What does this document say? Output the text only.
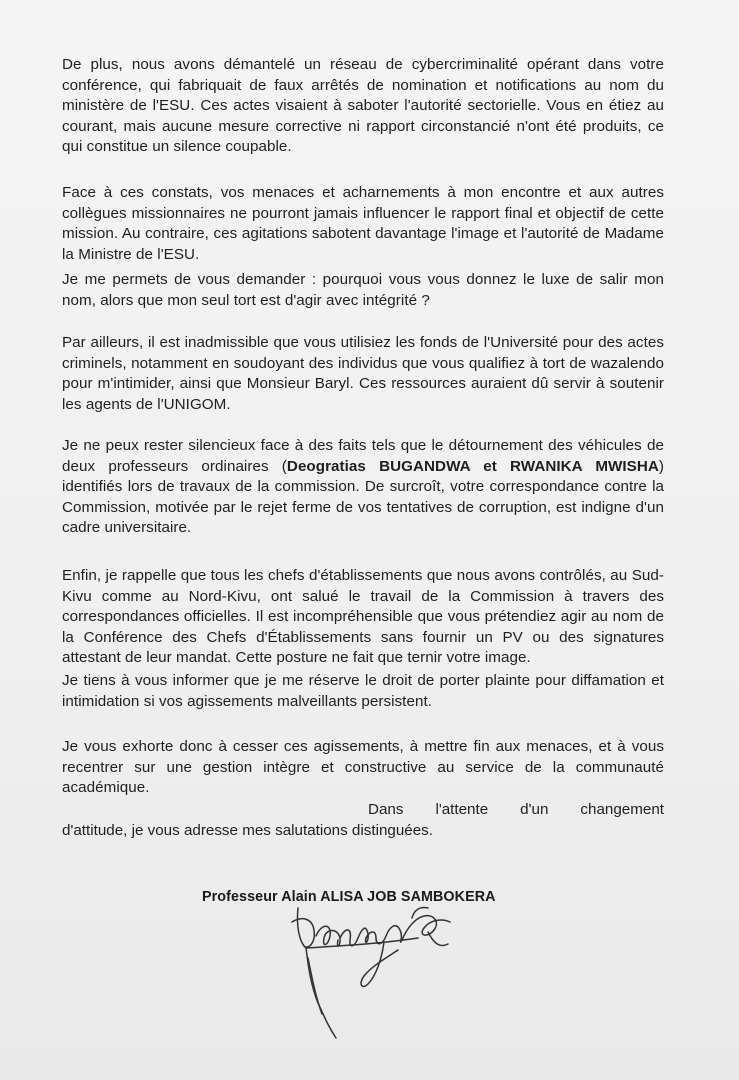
De plus, nous avons démantelé un réseau de cybercriminalité opérant dans votre conférence, qui fabriquait de faux arrêtés de nomination et notifications au nom du ministère de l'ESU. Ces actes visaient à saboter l'autorité sectorielle. Vous en étiez au courant, mais aucune mesure corrective ni rapport circonstancié n'ont été produits, ce qui constitue un silence coupable.

Face à ces constats, vos menaces et acharnements à mon encontre et aux autres collègues missionnaires ne pourront jamais influencer le rapport final et objectif de cette mission. Au contraire, ces agitations sabotent davantage l'image et l'autorité de Madame la Ministre de l'ESU.

Je me permets de vous demander : pourquoi vous vous donnez le luxe de salir mon nom, alors que mon seul tort est d'agir avec intégrité ?

Par ailleurs, il est inadmissible que vous utilisiez les fonds de l'Université pour des actes criminels, notamment en soudoyant des individus que vous qualifiez à tort de wazalendo pour m'intimider, ainsi que Monsieur Baryl. Ces ressources auraient dû servir à soutenir les agents de l'UNIGOM.

Je ne peux rester silencieux face à des faits tels que le détournement des véhicules de deux professeurs ordinaires (Deogratias BUGANDWA et RWANIKA MWISHA) identifiés lors de travaux de la commission. De surcroît, votre correspondance contre la Commission, motivée par le rejet ferme de vos tentatives de corruption, est indigne d'un cadre universitaire.

Enfin, je rappelle que tous les chefs d'établissements que nous avons contrôlés, au Sud-Kivu comme au Nord-Kivu, ont salué le travail de la Commission à travers des correspondances officielles. Il est incompréhensible que vous prétendiez agir au nom de la Conférence des Chefs d'Établissements sans fournir un PV ou des signatures attestant de leur mandat. Cette posture ne fait que ternir votre image.

Je tiens à vous informer que je me réserve le droit de porter plainte pour diffamation et intimidation si vos agissements malveillants persistent.

Je vous exhorte donc à cesser ces agissements, à mettre fin aux menaces, et à vous recentrer sur une gestion intègre et constructive au service de la communauté académique.

Dans l'attente d'un changement
d'attitude, je vous adresse mes salutations distinguées.
Professeur Alain ALISA JOB SAMBOKERA
